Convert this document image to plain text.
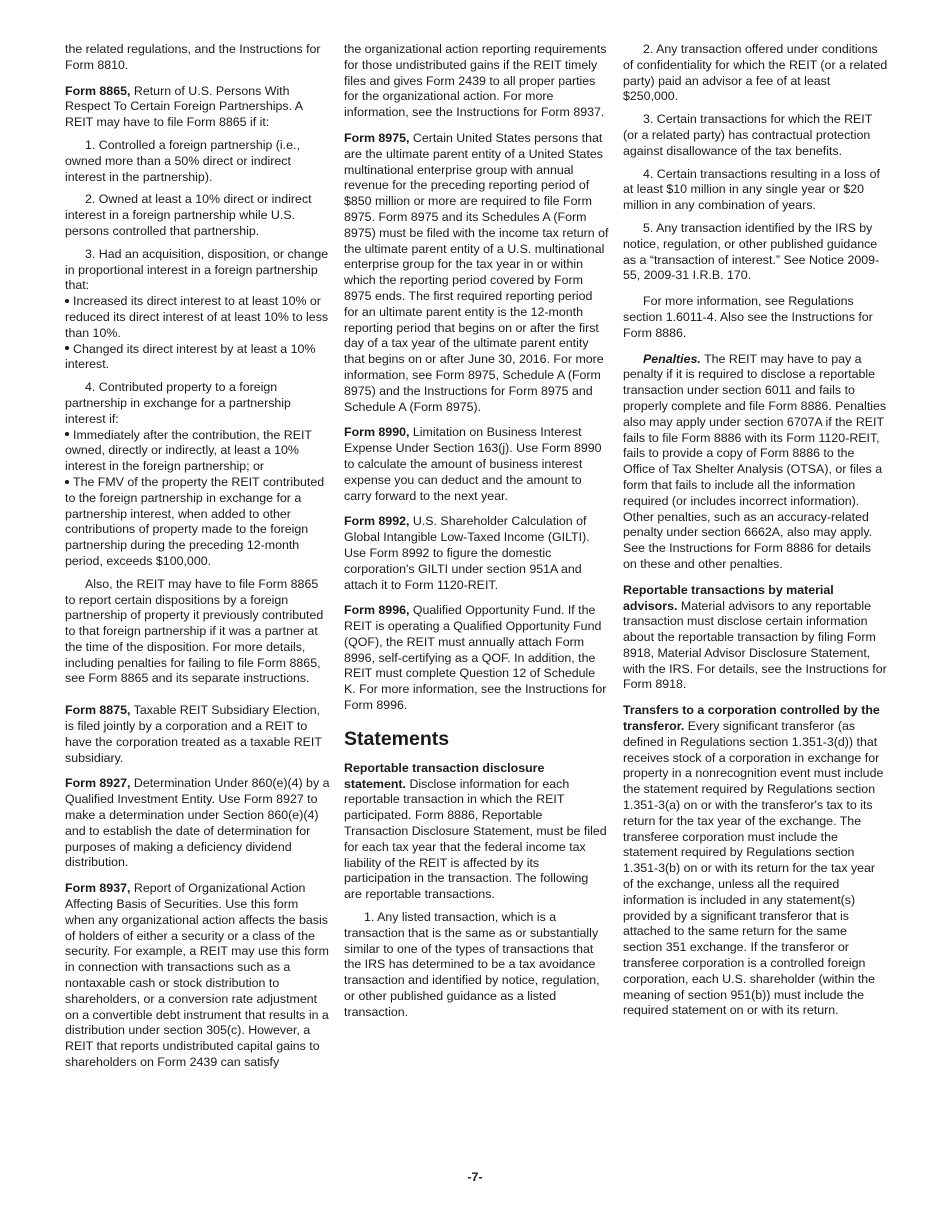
the related regulations, and the Instructions for Form 8810.

Form 8865, Return of U.S. Persons With Respect To Certain Foreign Partnerships. A REIT may have to file Form 8865 if it:

1. Controlled a foreign partnership (i.e., owned more than a 50% direct or indirect interest in the partnership).

2. Owned at least a 10% direct or indirect interest in a foreign partnership while U.S. persons controlled that partnership.

3. Had an acquisition, disposition, or change in proportional interest in a foreign partnership that:

Increased its direct interest to at least 10% or reduced its direct interest of at least 10% to less than 10%.

Changed its direct interest by at least a 10% interest.

4. Contributed property to a foreign partnership in exchange for a partnership interest if:

Immediately after the contribution, the REIT owned, directly or indirectly, at least a 10% interest in the foreign partnership; or

The FMV of the property the REIT contributed to the foreign partnership in exchange for a partnership interest, when added to other contributions of property made to the foreign partnership during the preceding 12-month period, exceeds $100,000.

Also, the REIT may have to file Form 8865 to report certain dispositions by a foreign partnership of property it previously contributed to that foreign partnership if it was a partner at the time of the disposition. For more details, including penalties for failing to file Form 8865, see Form 8865 and its separate instructions.

Form 8875, Taxable REIT Subsidiary Election, is filed jointly by a corporation and a REIT to have the corporation treated as a taxable REIT subsidiary.

Form 8927, Determination Under 860(e)(4) by a Qualified Investment Entity. Use Form 8927 to make a determination under Section 860(e)(4) and to establish the date of determination for purposes of making a deficiency dividend distribution.

Form 8937, Report of Organizational Action Affecting Basis of Securities. Use this form when any organizational action affects the basis of holders of either a security or a class of the security. For example, a REIT may use this form in connection with transactions such as a nontaxable cash or stock distribution to shareholders, or a conversion rate adjustment on a convertible debt instrument that results in a distribution under section 305(c). However, a REIT that reports undistributed capital gains to shareholders on Form 2439 can satisfy

the organizational action reporting requirements for those undistributed gains if the REIT timely files and gives Form 2439 to all proper parties for the organizational action. For more information, see the Instructions for Form 8937.

Form 8975, Certain United States persons that are the ultimate parent entity of a United States multinational enterprise group with annual revenue for the preceding reporting period of $850 million or more are required to file Form 8975. Form 8975 and its Schedules A (Form 8975) must be filed with the income tax return of the ultimate parent entity of a U.S. multinational enterprise group for the tax year in or within which the reporting period covered by Form 8975 ends. The first required reporting period for an ultimate parent entity is the 12-month reporting period that begins on or after the first day of a tax year of the ultimate parent entity that begins on or after June 30, 2016. For more information, see Form 8975, Schedule A (Form 8975) and the Instructions for Form 8975 and Schedule A (Form 8975).

Form 8990, Limitation on Business Interest Expense Under Section 163(j). Use Form 8990 to calculate the amount of business interest expense you can deduct and the amount to carry forward to the next year.

Form 8992, U.S. Shareholder Calculation of Global Intangible Low-Taxed Income (GILTI). Use Form 8992 to figure the domestic corporation's GILTI under section 951A and attach it to Form 1120-REIT.

Form 8996, Qualified Opportunity Fund. If the REIT is operating a Qualified Opportunity Fund (QOF), the REIT must annually attach Form 8996, self-certifying as a QOF. In addition, the REIT must complete Question 12 of Schedule K. For more information, see the Instructions for Form 8996.

Statements

Reportable transaction disclosure statement. Disclose information for each reportable transaction in which the REIT participated. Form 8886, Reportable Transaction Disclosure Statement, must be filed for each tax year that the federal income tax liability of the REIT is affected by its participation in the transaction. The following are reportable transactions.

1. Any listed transaction, which is a transaction that is the same as or substantially similar to one of the types of transactions that the IRS has determined to be a tax avoidance transaction and identified by notice, regulation, or other published guidance as a listed transaction.

2. Any transaction offered under conditions of confidentiality for which the REIT (or a related party) paid an advisor a fee of at least $250,000.

3. Certain transactions for which the REIT (or a related party) has contractual protection against disallowance of the tax benefits.

4. Certain transactions resulting in a loss of at least $10 million in any single year or $20 million in any combination of years.

5. Any transaction identified by the IRS by notice, regulation, or other published guidance as a “transaction of interest.” See Notice 2009-55, 2009-31 I.R.B. 170.

For more information, see Regulations section 1.6011-4. Also see the Instructions for Form 8886.

Penalties. The REIT may have to pay a penalty if it is required to disclose a reportable transaction under section 6011 and fails to properly complete and file Form 8886. Penalties also may apply under section 6707A if the REIT fails to file Form 8886 with its Form 1120-REIT, fails to provide a copy of Form 8886 to the Office of Tax Shelter Analysis (OTSA), or files a form that fails to include all the information required (or includes incorrect information). Other penalties, such as an accuracy-related penalty under section 6662A, also may apply. See the Instructions for Form 8886 for details on these and other penalties.

Reportable transactions by material advisors. Material advisors to any reportable transaction must disclose certain information about the reportable transaction by filing Form 8918, Material Advisor Disclosure Statement, with the IRS. For details, see the Instructions for Form 8918.

Transfers to a corporation controlled by the transferor. Every significant transferor (as defined in Regulations section 1.351-3(d)) that receives stock of a corporation in exchange for property in a nonrecognition event must include the statement required by Regulations section 1.351-3(a) on or with the transferor's tax to its return for the tax year of the exchange. The transferee corporation must include the statement required by Regulations section 1.351-3(b) on or with its return for the tax year of the exchange, unless all the required information is included in any statement(s) provided by a significant transferor that is attached to the same return for the same section 351 exchange. If the transferor or transferee corporation is a controlled foreign corporation, each U.S. shareholder (within the meaning of section 951(b)) must include the required statement on or with its return.

-7-
